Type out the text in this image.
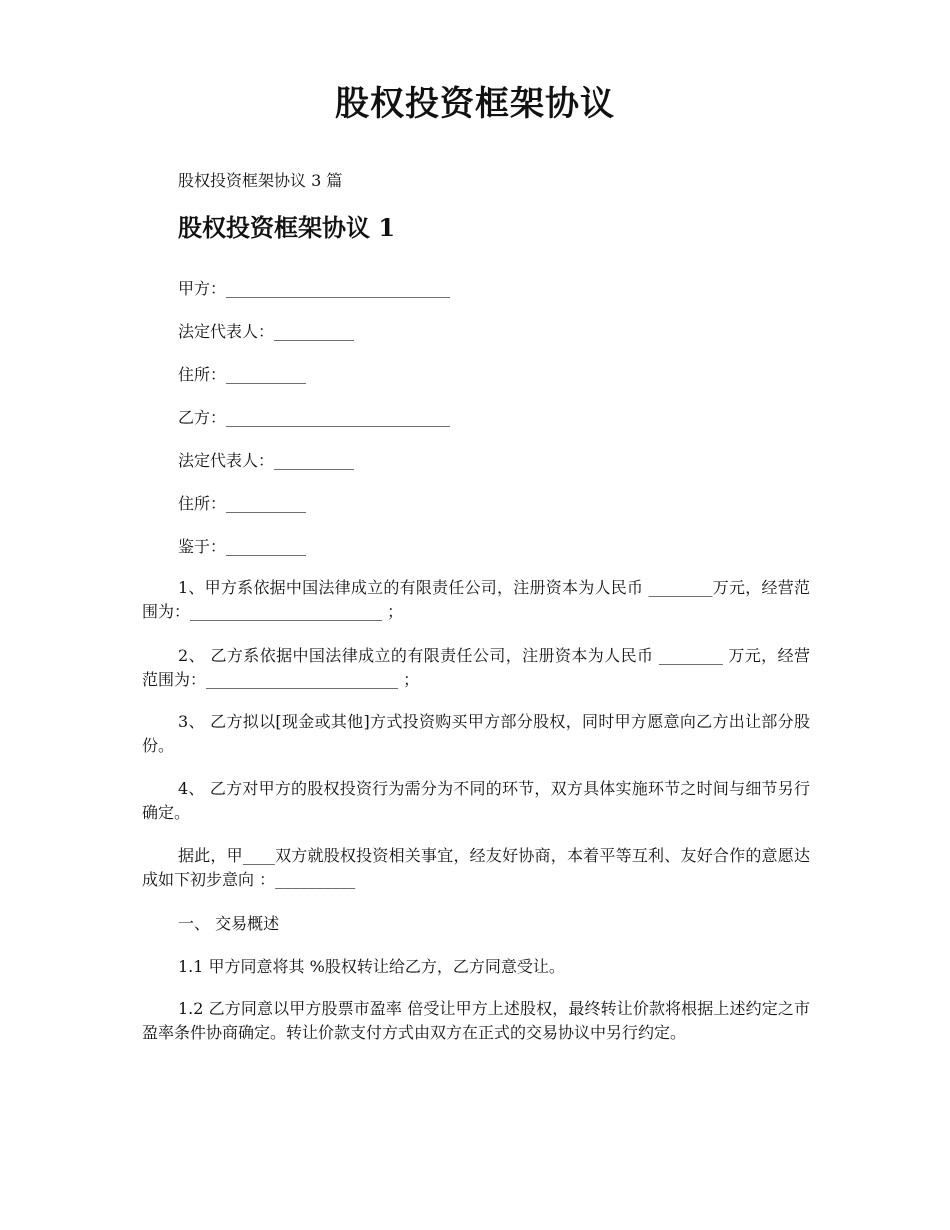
股权投资框架协议

股权投资框架协议 3 篇

股权投资框架协议 1

甲方：____________________________

法定代表人：__________

住所：__________

乙方：____________________________

法定代表人：__________

住所：__________

鉴于：__________

1、甲方系依据中国法律成立的有限责任公司，注册资本为人民币 ________万元，经营范围为：________________________ ；

2、 乙方系依据中国法律成立的有限责任公司，注册资本为人民币 ________ 万元，经营范围为：________________________ ；

3、 乙方拟以[现金或其他]方式投资购买甲方部分股权，同时甲方愿意向乙方出让部分股份。

4、 乙方对甲方的股权投资行为需分为不同的环节，双方具体实施环节之时间与细节另行确定。

据此，甲____双方就股权投资相关事宜，经友好协商，本着平等互利、友好合作的意愿达成如下初步意向 ：__________

一、 交易概述

1.1 甲方同意将其 %股权转让给乙方，乙方同意受让。

1.2 乙方同意以甲方股票市盈率 倍受让甲方上述股权，最终转让价款将根据上述约定之市盈率条件协商确定。转让价款支付方式由双方在正式的交易协议中另行约定。
